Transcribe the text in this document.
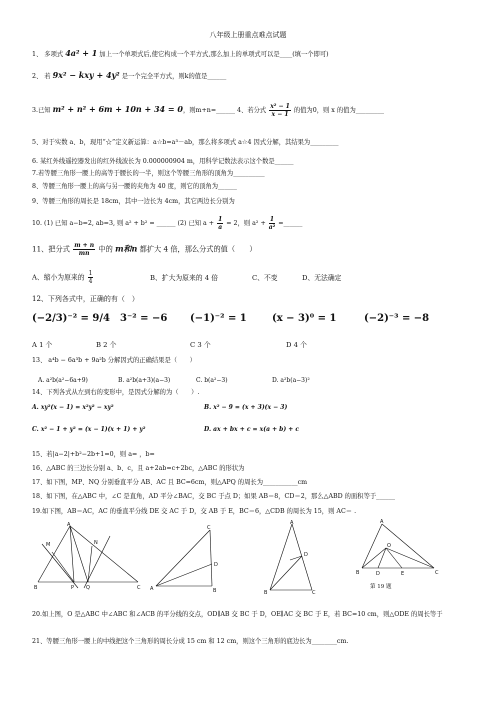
八年级上册重点难点试题
1、 多项式 4a² + 1 加上一个单项式后,使它构成一个平方式,那么加上的单项式可以是____(填一个即可)
2、 若 9x² − kxy + 4y² 是一个完全平方式，则k的值是______
3.已知 m² + n² + 6m + 10n + 34 = 0，则m+n=______ 4、若分式 $\frac{\text{x² − 1}}{x - 1}$ 的值为0，则 x 的值为_________
5、对于实数 a、b，现用“☆”定义新运算：a☆b=a³－ab，那么将多项式 a☆4 因式分解，其结果为_________
6. 某红外线遥控器发出的红外线波长为 0.000000904 m，用科学记数法表示这个数是______
7.若等腰三角形一腰上的高等于腰长的一半，则这个等腰三角形的顶角为__________
8、等腰三角形一腰上的高与另一腰的夹角为 40 度，则它的顶角为______
9、等腰三角形的周长是 18cm，其中一边长为 4cm，其它两边长分别为
10. (1) 已知 a−b=2, ab=3, 则 a² + b² = ______ (2) 已知 $a + \frac{1}{a} = 2$，则 $a^2 + \frac{1}{\text{a²}}$ =______
11、把分式 $\frac{m + n}{mn}$ 中的 m和n 都扩大 4 倍，那么分式的值（　　）
A、缩小为原来的 $\frac{1}{4}$	B、扩大为原来的 4 倍	C、不变	D、无法确定
12、下列各式中，正确的有（　）
(−2/3)⁻² = 9/4 3⁻² = −6 (−1)⁻² = 1	(x − 3)⁰ = 1	(−2)⁻³ = −8
A 1 个	B 2 个	C 3 个	D 4 个
13、 a⁴b − 6a³b + 9a²b 分解因式的正确结果是（　　）
A. a²b(a²−6a+9)	B. a²b(a+3)(a−3)	C. b(a²−3)	D. a²b(a−3)²
14、下列各式从左到右的变形中，是因式分解的为（　　）.
A. xy²(x − 1) = x²y² − xy²	B. x² − 9 = (x + 3)(x − 3)
C. x² − 1 + y² = (x − 1)(x + 1) + y²	D. ax + bx + c = x(a + b) + c
15、若|a−2|+b²−2b+1=0，则 a= ，b=
16、△ABC 的三边长分别 a、b、c，且 a+2ab=c+2bc，△ABC 的形状为
17、如下图，MP、NQ 分别垂直平分 AB、AC 且 BC=6cm，则△APQ 的周长为___________cm
18、如下图，在△ABC 中，∠C 是直角，AD 平分∠BAC，交 BC 于点 D；如果 AB＝8，CD＝2，那么△ABD 的面积等于______
19.如下图，AB＝AC，AC 的垂直平分线 DE 交 AC 于 D，交 AB 于 E，BC＝6，△CDB 的周长为 15，则 AC＝ .
A
M	N
B	P Q	C
C
D
A	B
A
D
B	C
A
O
B	D	E	C
第 19 题
20.如上图，O 是△ABC 中∠ABC 和∠ACB 的平分线的交点，OD∥AB 交 BC 于 D，OE∥AC 交 BC 于 E，若 BC=10 cm，则△ODE 的周长等于
21、等腰三角形一腰上的中线把这个三角形的周长分成 15 cm 和 12 cm，则这个三角形的底边长为________cm.
